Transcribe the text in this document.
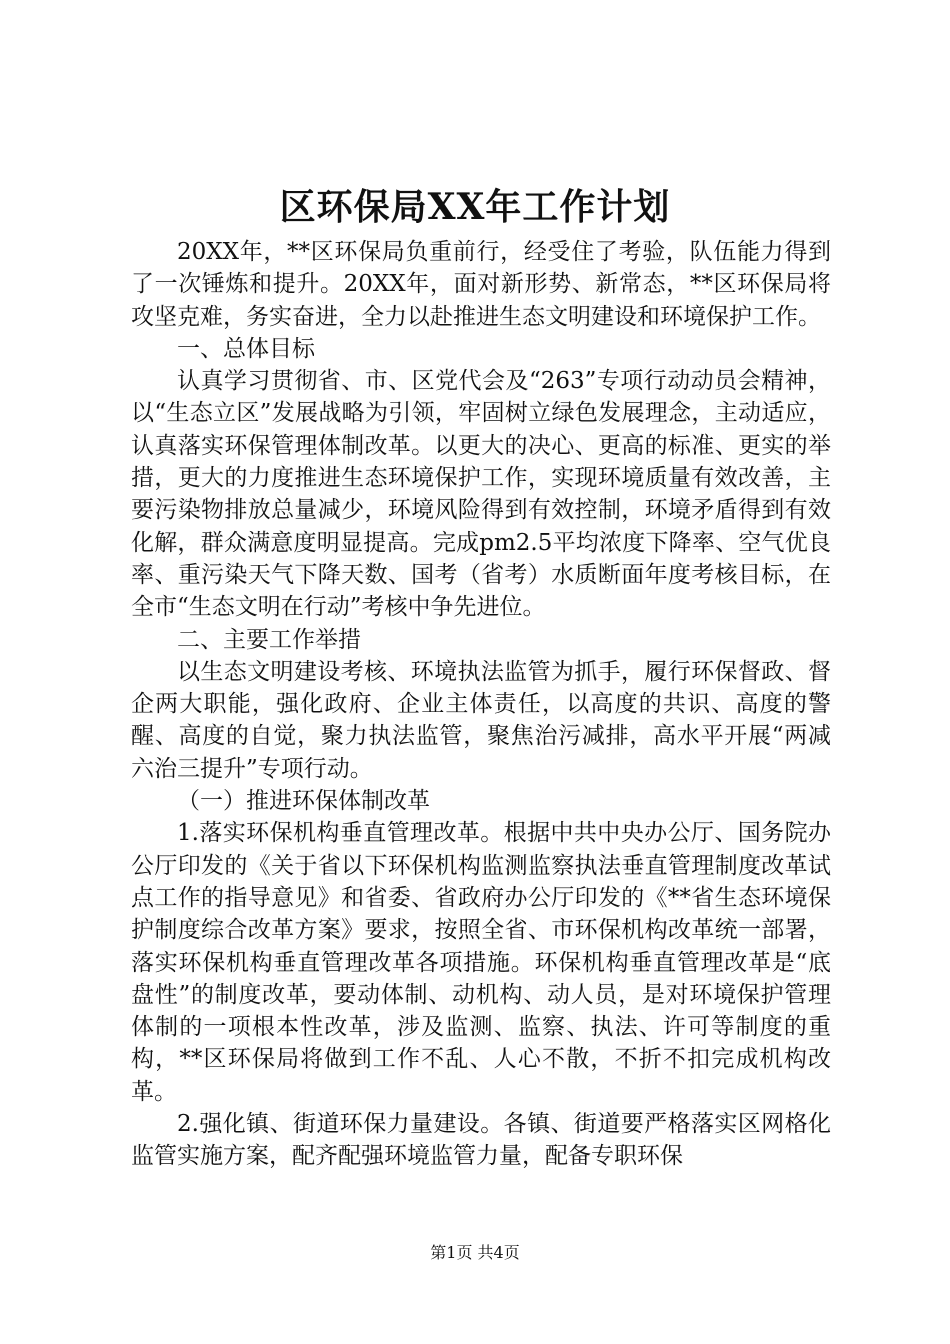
区环保局XX年工作计划

20XX年，**区环保局负重前行，经受住了考验，队伍能力得到了一次锤炼和提升。20XX年，面对新形势、新常态，**区环保局将攻坚克难，务实奋进，全力以赴推进生态文明建设和环境保护工作。

一、总体目标

认真学习贯彻省、市、区党代会及“263”专项行动动员会精神，以“生态立区”发展战略为引领，牢固树立绿色发展理念，主动适应，认真落实环保管理体制改革。以更大的决心、更高的标准、更实的举措，更大的力度推进生态环境保护工作，实现环境质量有效改善，主要污染物排放总量减少，环境风险得到有效控制，环境矛盾得到有效化解，群众满意度明显提高。完成pm2.5平均浓度下降率、空气优良率、重污染天气下降天数、国考（省考）水质断面年度考核目标，在全市“生态文明在行动”考核中争先进位。

二、主要工作举措

以生态文明建设考核、环境执法监管为抓手，履行环保督政、督企两大职能，强化政府、企业主体责任，以高度的共识、高度的警醒、高度的自觉，聚力执法监管，聚焦治污减排，高水平开展“两减六治三提升”专项行动。

（一）推进环保体制改革

1.落实环保机构垂直管理改革。根据中共中央办公厅、国务院办公厅印发的《关于省以下环保机构监测监察执法垂直管理制度改革试点工作的指导意见》和省委、省政府办公厅印发的《**省生态环境保护制度综合改革方案》要求，按照全省、市环保机构改革统一部署，落实环保机构垂直管理改革各项措施。环保机构垂直管理改革是“底盘性”的制度改革，要动体制、动机构、动人员，是对环境保护管理体制的一项根本性改革，涉及监测、监察、执法、许可等制度的重构，**区环保局将做到工作不乱、人心不散，不折不扣完成机构改革。

2.强化镇、街道环保力量建设。各镇、街道要严格落实区网格化监管实施方案，配齐配强环境监管力量，配备专职环保

第1页 共4页
